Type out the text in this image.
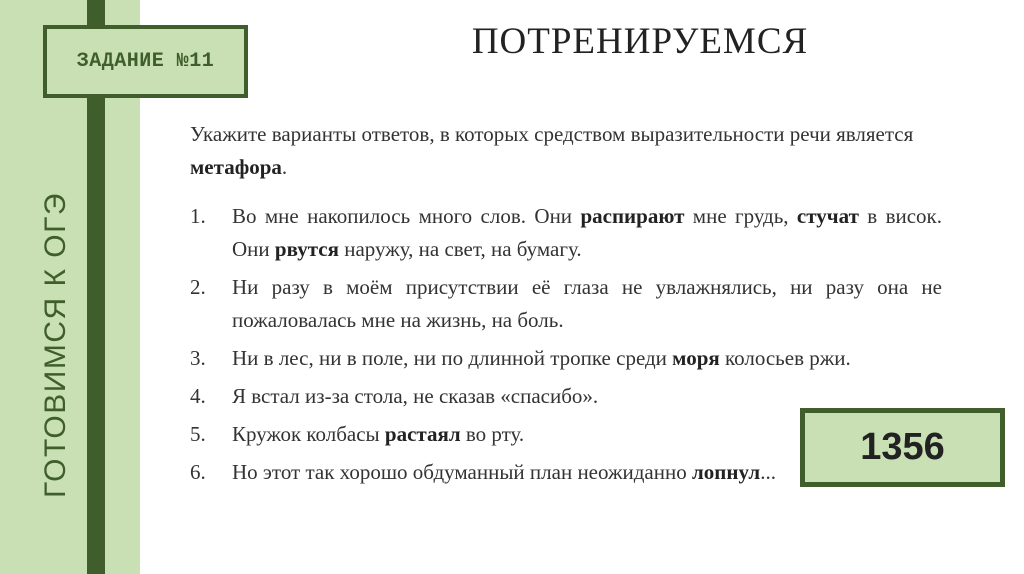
ГОТОВИМСЯ К ОГЭ
ЗАДАНИЕ №11	ПОТРЕНИРУЕМСЯ
Укажите варианты ответов, в которых средством выразительности речи является метафора.
1. Во мне накопилось много слов. Они распирают мне грудь, стучат в висок. Они рвутся наружу, на свет, на бумагу.
2. Ни разу в моём присутствии её глаза не увлажнялись, ни разу она не пожаловалась мне на жизнь, на боль.
3. Ни в лес, ни в поле, ни по длинной тропке среди моря колосьев ржи.
4. Я встал из-за стола, не сказав «спасибо».
5. Кружок колбасы растаял во рту.
6. Но этот так хорошо обдуманный план неожиданно лопнул...
1356
